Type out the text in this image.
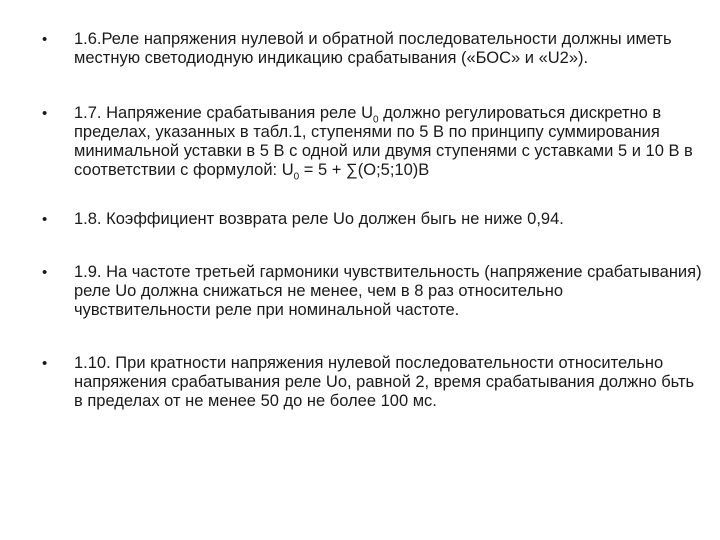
•	1.6.Реле напряжения нулевой и обратной последовательности должны иметь местную светодиодную индикацию срабатывания («БОС» и «U2»).
•	1.7. Напряжение срабатывания реле $U_0$ должно регулироваться дискретно в пределах, указанных в табл.1, ступенями по 5 В по принципу суммирования минимальной уставки в 5 В с одной или двумя ступенями с уставками 5 и 10 В в соответствии с формулой: $U_0 = 5$ + ∑(О;5;10)В
•	1.8. Коэффициент возврата реле Uо должен быгь не ниже 0,94.
•	1.9. На частоте третьей гармоники чувствительность (напряжение срабатывания) реле Uо должна снижаться не менее, чем в 8 раз относительно чувствительности реле при номинальной частоте.
•	1.10. При кратности напряжения нулевой последовательности относительно напряжения срабатывания реле Uо, равной 2, время срабатывания должно бьть в пределах от не менее 50 до не более 100 мс.
